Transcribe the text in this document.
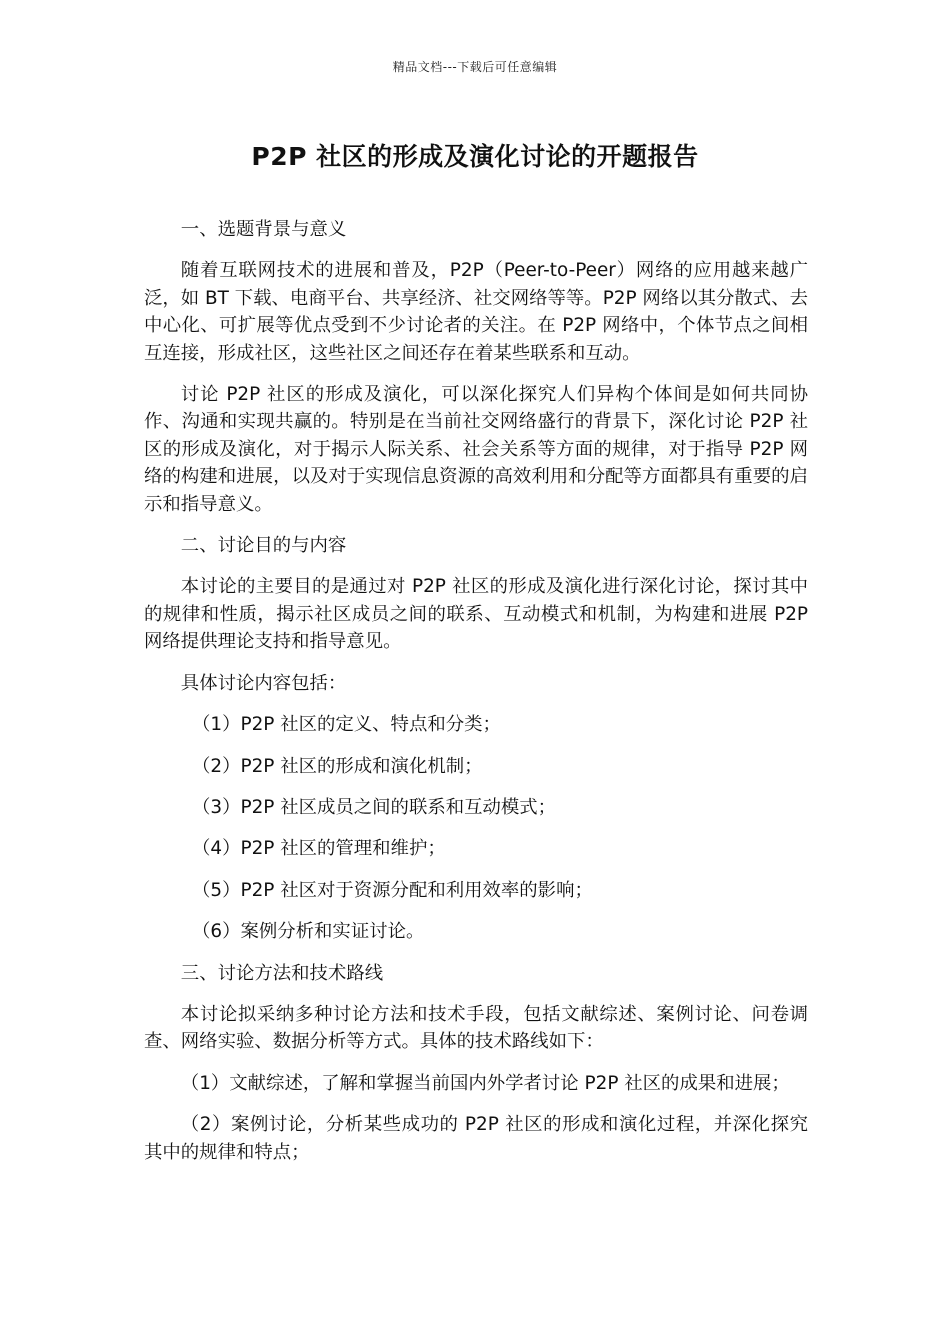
精品文档---下载后可任意编辑
P2P 社区的形成及演化讨论的开题报告

一、选题背景与意义

随着互联网技术的进展和普及，P2P（Peer-to-Peer）网络的应用越来越广泛，如 BT 下载、电商平台、共享经济、社交网络等等。P2P 网络以其分散式、去中心化、可扩展等优点受到不少讨论者的关注。在 P2P 网络中，个体节点之间相互连接，形成社区，这些社区之间还存在着某些联系和互动。

讨论 P2P 社区的形成及演化，可以深化探究人们异构个体间是如何共同协作、沟通和实现共赢的。特别是在当前社交网络盛行的背景下，深化讨论 P2P 社区的形成及演化，对于揭示人际关系、社会关系等方面的规律，对于指导 P2P 网络的构建和进展，以及对于实现信息资源的高效利用和分配等方面都具有重要的启示和指导意义。

二、讨论目的与内容

本讨论的主要目的是通过对 P2P 社区的形成及演化进行深化讨论，探讨其中的规律和性质，揭示社区成员之间的联系、互动模式和机制，为构建和进展 P2P 网络提供理论支持和指导意见。

具体讨论内容包括：

（1）P2P 社区的定义、特点和分类；

（2）P2P 社区的形成和演化机制；

（3）P2P 社区成员之间的联系和互动模式；

（4）P2P 社区的管理和维护；

（5）P2P 社区对于资源分配和利用效率的影响；

（6）案例分析和实证讨论。

三、讨论方法和技术路线

本讨论拟采纳多种讨论方法和技术手段，包括文献综述、案例讨论、问卷调查、网络实验、数据分析等方式。具体的技术路线如下：

（1）文献综述，了解和掌握当前国内外学者讨论 P2P 社区的成果和进展；

（2）案例讨论，分析某些成功的 P2P 社区的形成和演化过程，并深化探究其中的规律和特点；
